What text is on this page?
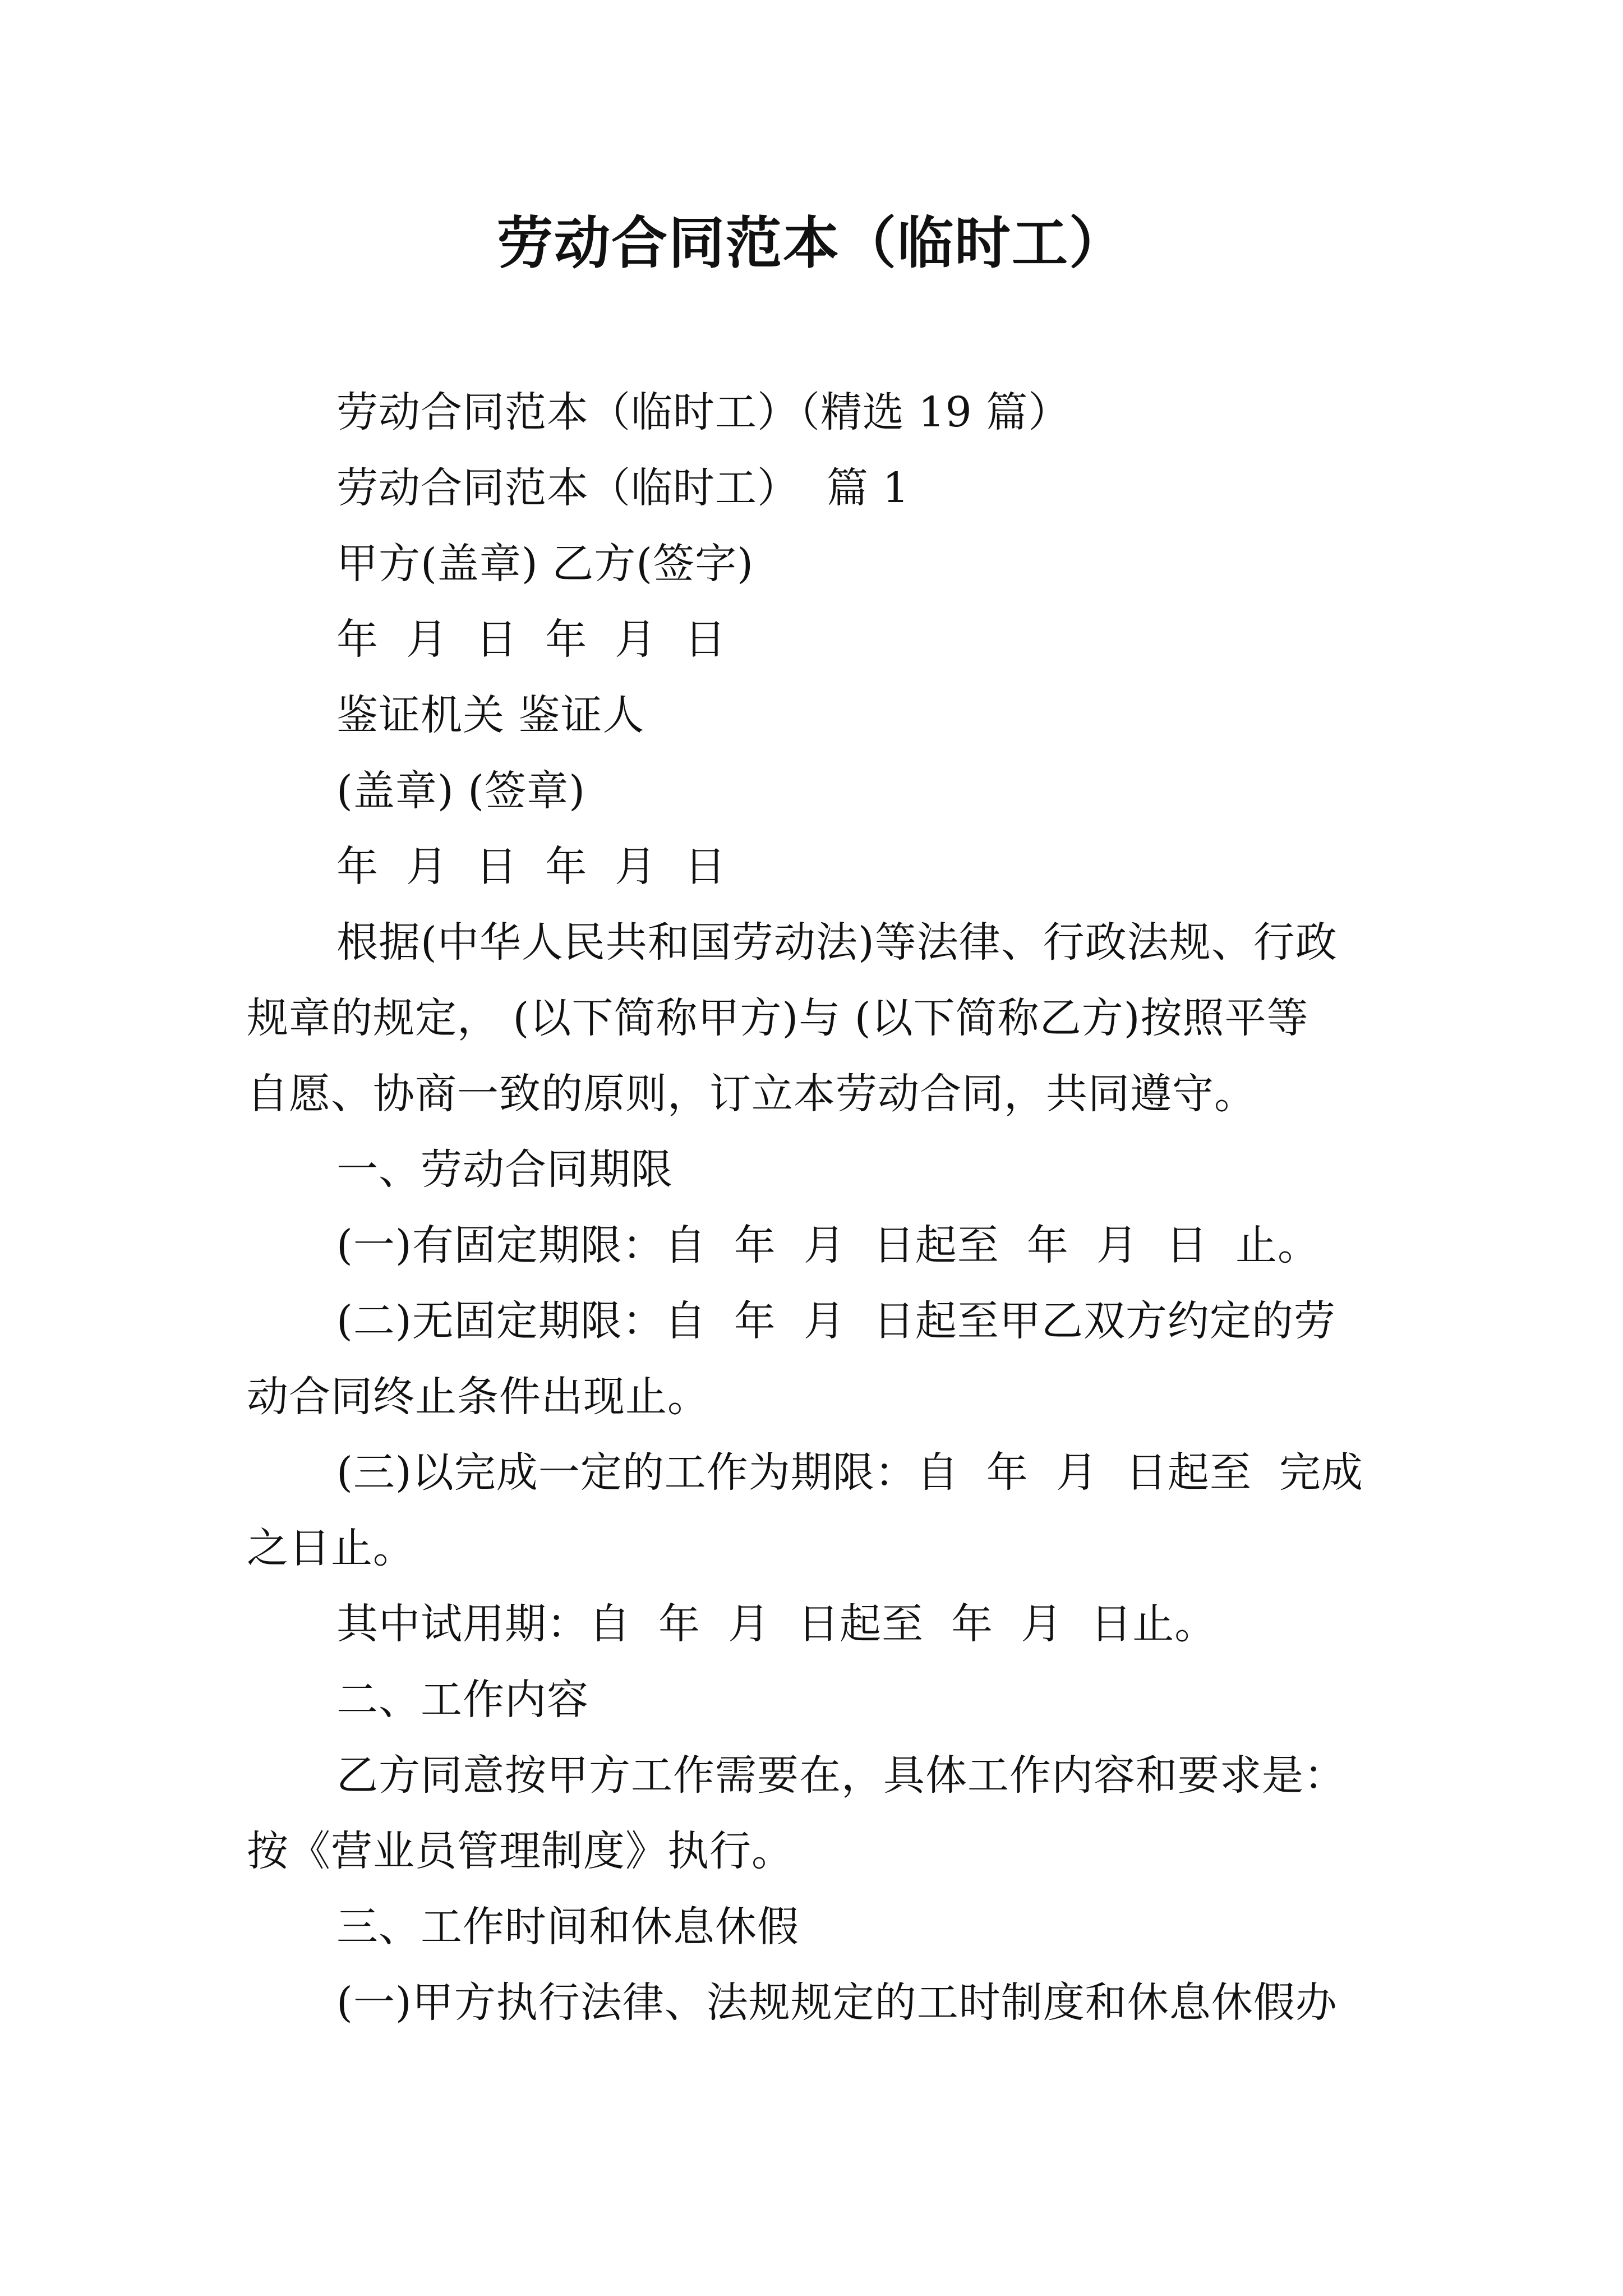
劳动合同范本（临时工）
劳动合同范本（临时工）（精选 19 篇）
劳动合同范本（临时工）  篇 1
甲方(盖章) 乙方(签字)
年  月  日  年  月  日
鉴证机关 鉴证人
(盖章) (签章)
年  月  日  年  月  日
根据(中华人民共和国劳动法)等法律、行政法规、行政
规章的规定， (以下简称甲方)与 (以下简称乙方)按照平等
自愿、协商一致的原则，订立本劳动合同，共同遵守。
一、劳动合同期限
(一)有固定期限：自  年  月  日起至  年  月  日  止。
(二)无固定期限：自  年  月  日起至甲乙双方约定的劳
动合同终止条件出现止。
(三)以完成一定的工作为期限：自  年  月  日起至  完成
之日止。
其中试用期：自  年  月  日起至  年  月  日止。
二、工作内容
乙方同意按甲方工作需要在，具体工作内容和要求是：
按《营业员管理制度》执行。
三、工作时间和休息休假
(一)甲方执行法律、法规规定的工时制度和休息休假办
